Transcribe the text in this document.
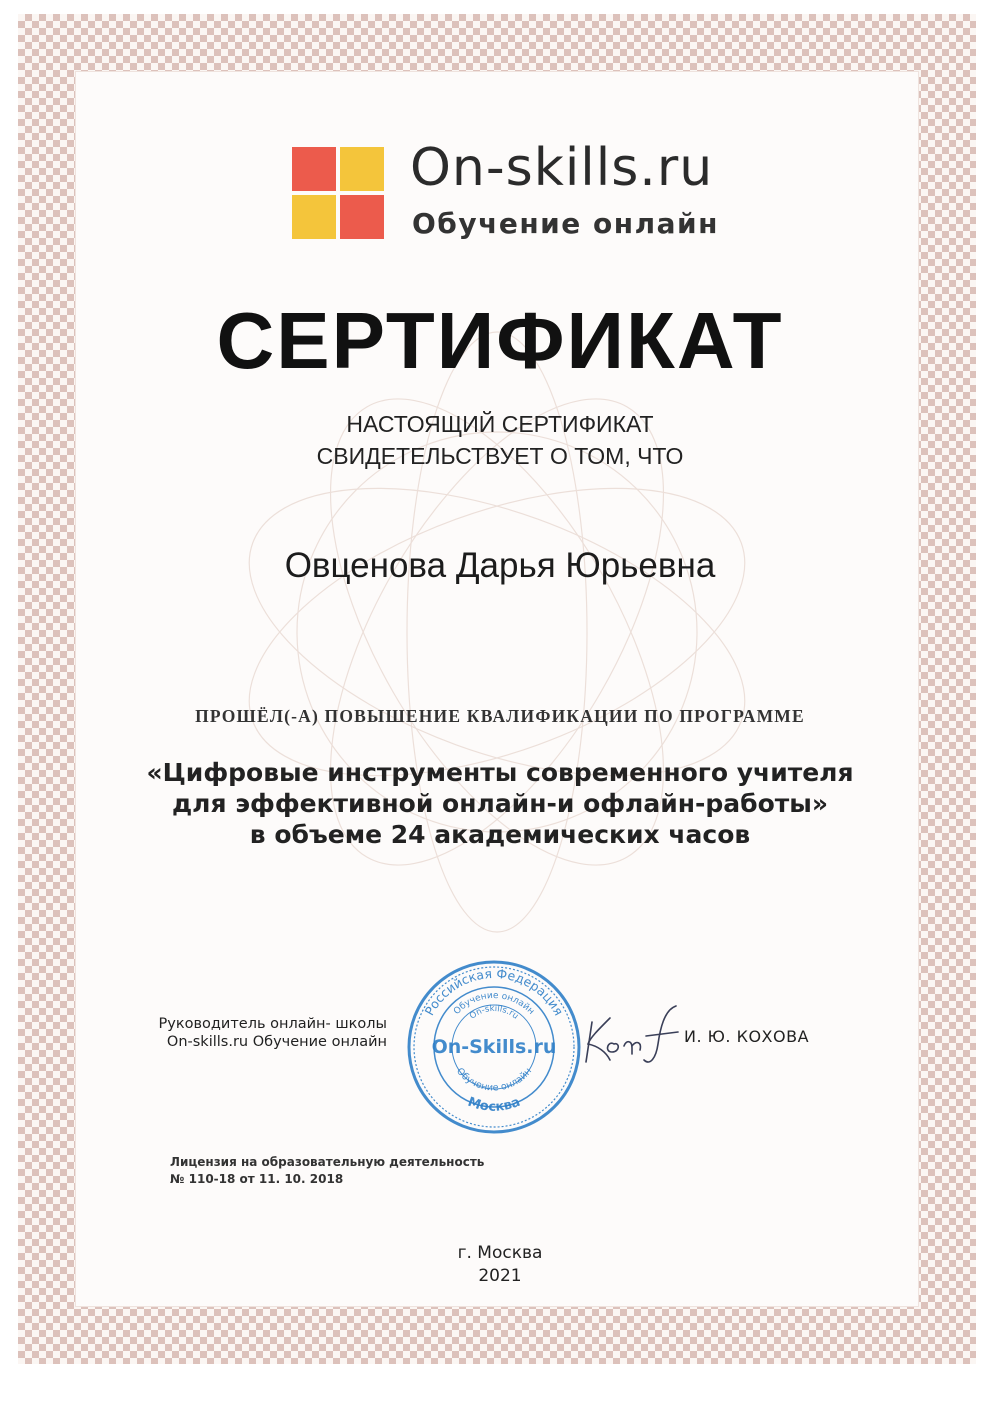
On-skills.ru
Обучение онлайн
СЕРТИФИКАТ
НАСТОЯЩИЙ СЕРТИФИКАТ
СВИДЕТЕЛЬСТВУЕТ О ТОМ, ЧТО
Овценова Дарья Юрьевна
ПРОШЁЛ(-А) ПОВЫШЕНИЕ КВАЛИФИКАЦИИ ПО ПРОГРАММЕ
«Цифровые инструменты современного учителя
для эффективной онлайн-и офлайн-работы»
в объеме 24 академических часов
Руководитель онлайн- школы
On-skills.ru Обучение онлайн
Российская Федерация
Обучение онлайн
On-skills.ru
On-Skills.ru
Обучение онлайн
Москва
И. Ю. КОХОВА
Лицензия на образовательную деятельность
№ 110-18 от 11. 10. 2018
г. Москва
2021
